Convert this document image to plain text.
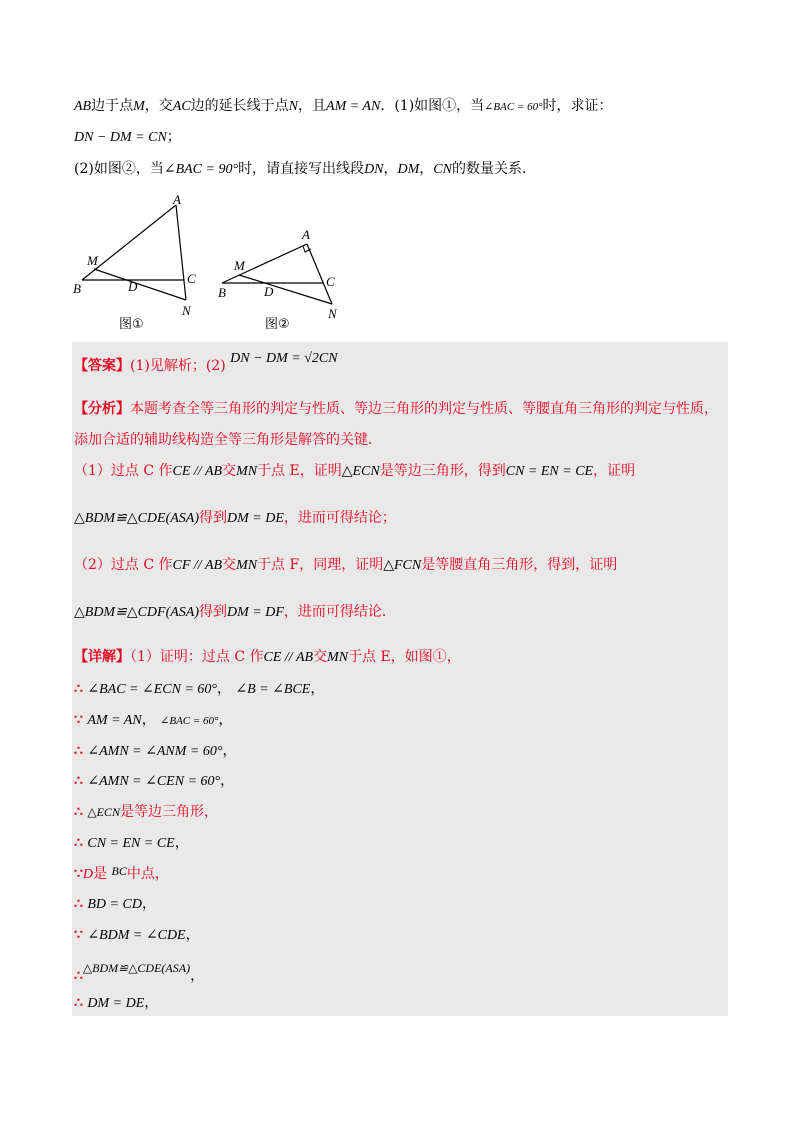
AB边于点M，交AC边的延长线于点N，且AM = AN．(1)如图①，当∠BAC = 60°时，求证：
DN − DM = CN；
(2)如图②，当∠BAC = 90°时，请直接写出线段DN，DM，CN的数量关系．
A
B
C
D
M
N
图①
A
B
C
D
M
N
图②
【答案】(1)见解析；(2) DN − DM = √2CN
【分析】本题考查全等三角形的判定与性质、等边三角形的判定与性质、等腰直角三角形的判定与性质，
添加合适的辅助线构造全等三角形是解答的关键．
（1）过点 C 作CE // AB交MN于点 E，证明△ECN是等边三角形，得到CN = EN = CE，证明
△BDM≌△CDE(ASA)得到DM = DE，进而可得结论；
（2）过点 C 作CF // AB交MN于点 F，同理，证明△FCN是等腰直角三角形，得到，证明
△BDM≌△CDF(ASA)得到DM = DF，进而可得结论．
【详解】（1）证明：过点 C 作CE // AB交MN于点 E，如图①，
∴ ∠BAC = ∠ECN = 60°， ∠B = ∠BCE，
∵ AM = AN， ∠BAC = 60°，
∴ ∠AMN = ∠ANM = 60°，
∴ ∠AMN = ∠CEN = 60°，
∴ △ECN是等边三角形，
∴ CN = EN = CE，
∵D是 BC中点，
∴ BD = CD，
∵ ∠BDM = ∠CDE，
∴△BDM≌△CDE(ASA)，
∴ DM = DE，
